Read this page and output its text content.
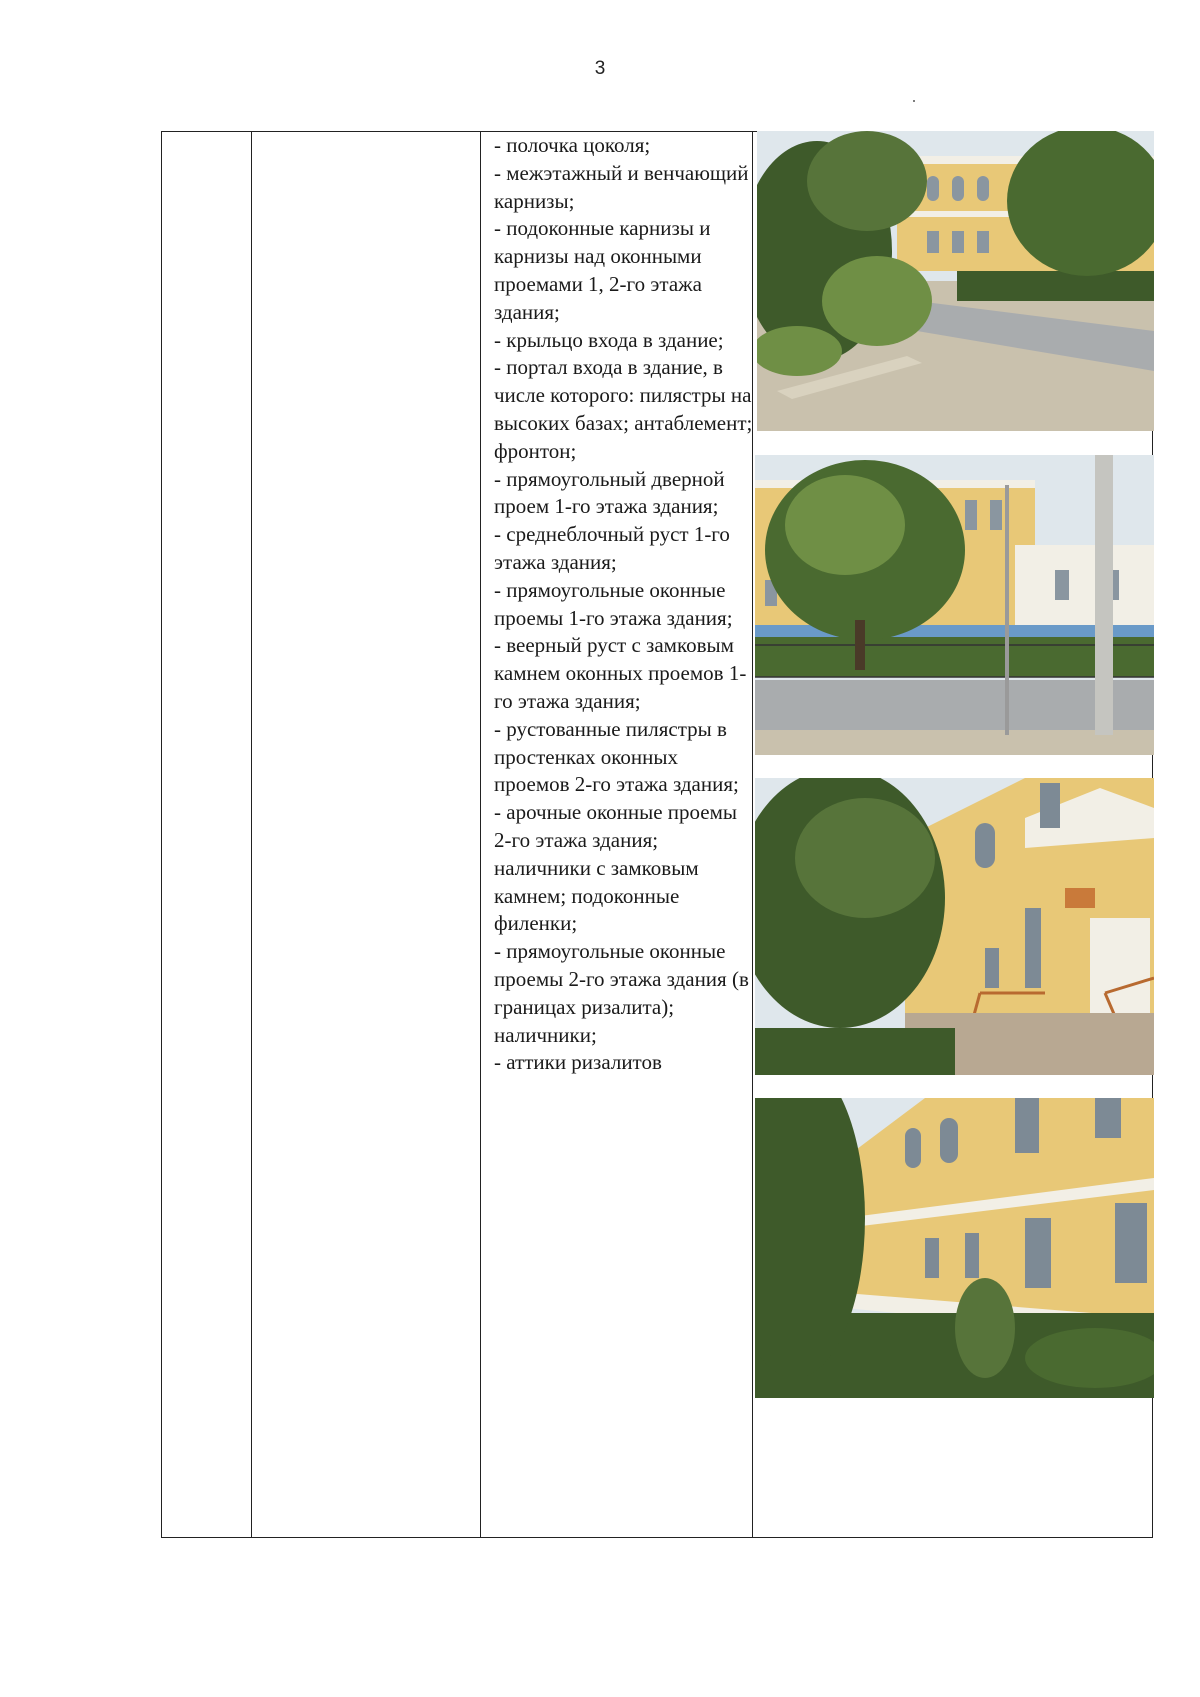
3
- полочка цоколя;
- межэтажный и венчающий карнизы;
- подоконные карнизы и карнизы над оконными проемами 1, 2-го этажа здания;
- крыльцо входа в здание;
- портал входа в здание, в числе которого: пилястры на высоких базах; антаблемент; фронтон;
- прямоугольный дверной проем 1-го этажа здания;
- среднеблочный руст 1-го этажа здания;
- прямоугольные оконные проемы 1-го этажа здания;
- веерный руст с замковым камнем оконных проемов 1-го этажа здания;
- рустованные пилястры в простенках оконных проемов 2-го этажа здания;
- арочные оконные проемы 2-го этажа здания; наличники с замковым камнем; подоконные филенки;
- прямоугольные оконные проемы 2-го этажа здания (в границах ризалита); наличники;
- аттики ризалитов
